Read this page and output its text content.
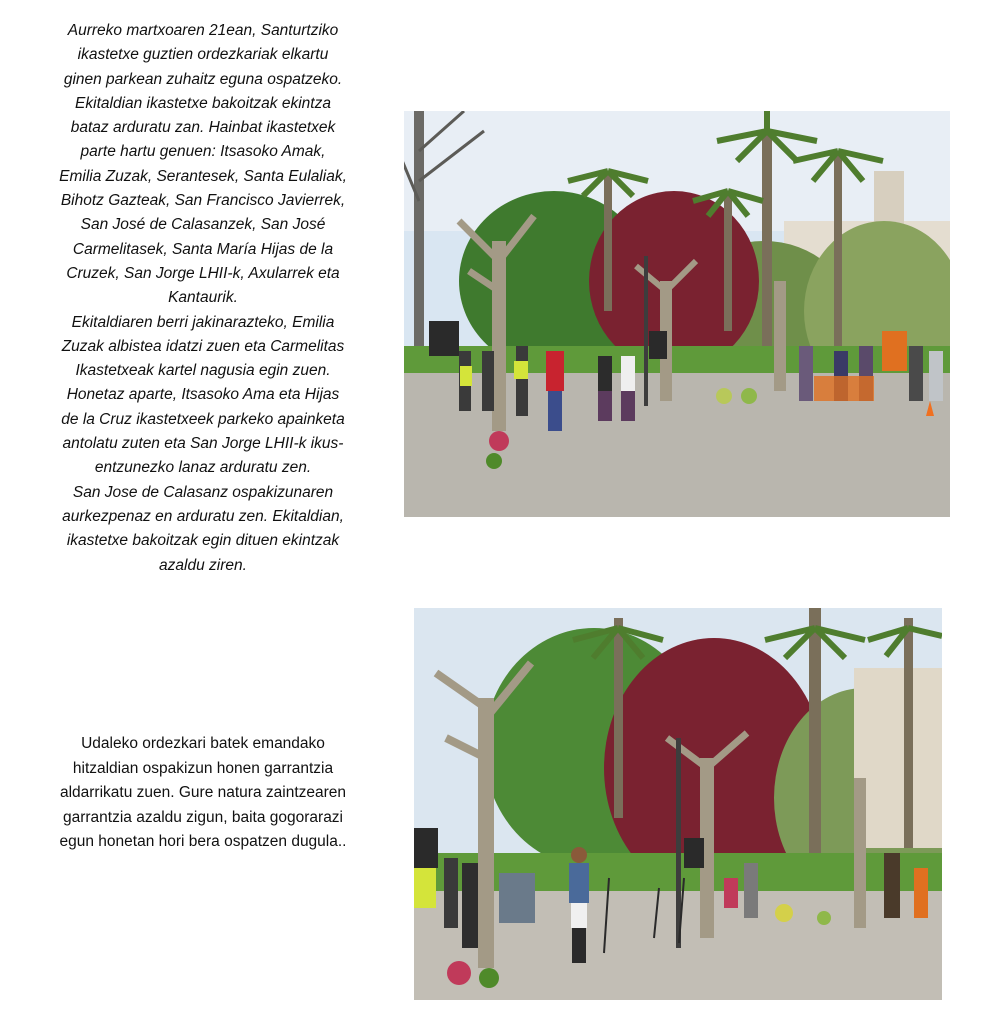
Aurreko martxoaren 21ean, Santurtziko
ikastetxe guztien ordezkariak elkartu
ginen parkean zuhaitz eguna ospatzeko.
Ekitaldian ikastetxe bakoitzak ekintza
bataz arduratu zan. Hainbat ikastetxek
parte hartu genuen: Itsasoko Amak,
Emilia Zuzak, Serantesek, Santa Eulaliak,
Bihotz Gazteak, San Francisco Javierrek,
San José de Calasanzek, San José
Carmelitasek, Santa María Hijas de la
Cruzek, San Jorge LHII-k, Axularrek eta
Kantaurik.
Ekitaldiaren berri jakinarazteko, Emilia
Zuzak albistea idatzi zuen eta Carmelitas
Ikastetxeak kartel nagusia egin zuen.
Honetaz aparte, Itsasoko Ama eta Hijas
de la Cruz ikastetxeek parkeko apainketa
antolatu zuten eta San Jorge LHII-k ikus-
entzunezko lanaz arduratu zen.
San Jose de Calasanz ospakizunaren
aurkezpenaz en arduratu zen. Ekitaldian,
ikastetxe bakoitzak egin dituen ekintzak
azaldu ziren.
Udaleko ordezkari batek emandako
hitzaldian ospakizun honen garrantzia
aldarrikatu zuen. Gure natura zaintzearen
garrantzia azaldu zigun, baita gogorarazi
egun honetan hori bera ospatzen dugula..
